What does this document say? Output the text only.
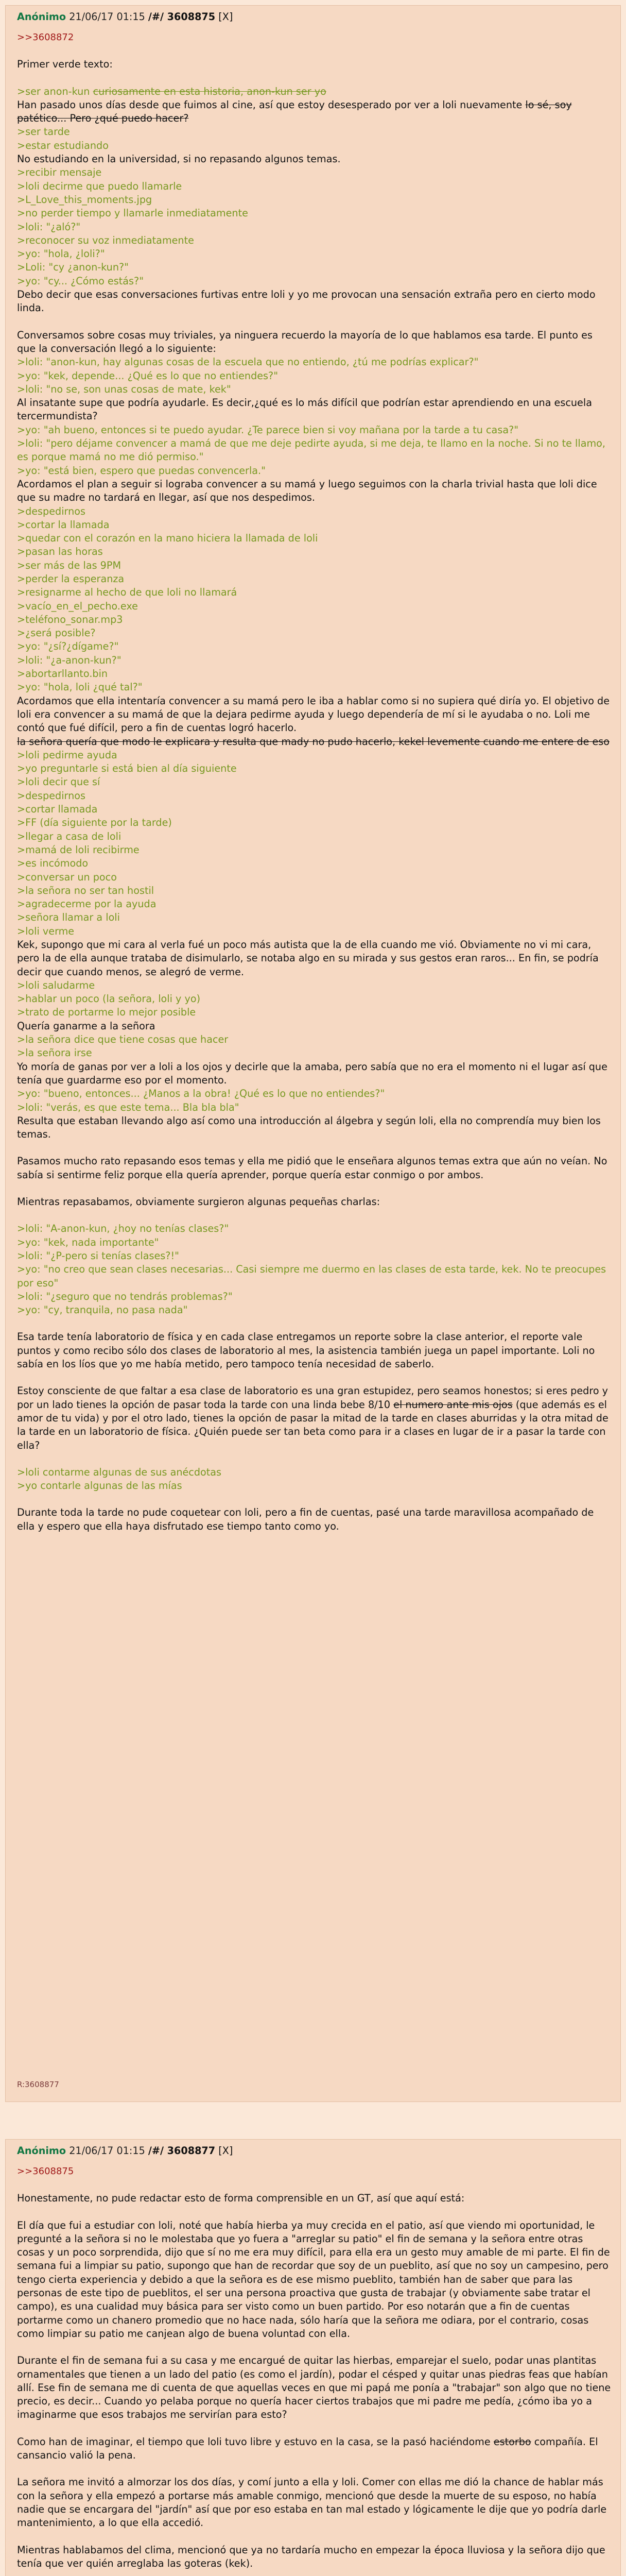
Anónimo 21/06/17 01:15 /#/ 3608875 [X]

>>3608872

Primer verde texto:

>ser anon-kun curiosamente en esta historia, anon-kun ser yo

Han pasado unos días desde que fuimos al cine, así que estoy desesperado por ver a loli nuevamente lo sé, soy patético... Pero ¿qué puedo hacer?

>ser tarde

>estar estudiando

No estudiando en la universidad, si no repasando algunos temas.

>recibir mensaje

>loli decirme que puedo llamarle

>L_Love_this_moments.jpg

>no perder tiempo y llamarle inmediatamente

>loli: "¿aló?"

>reconocer su voz inmediatamente

>yo: "hola, ¿loli?"

>Loli: "cy ¿anon-kun?"

>yo: "cy... ¿Cómo estás?"

Debo decir que esas conversaciones furtivas entre loli y yo me provocan una sensación extraña pero en cierto modo linda.

Conversamos sobre cosas muy triviales, ya ninguera recuerdo la mayoría de lo que hablamos esa tarde. El punto es que la conversación llegó a lo siguiente:

>loli: "anon-kun, hay algunas cosas de la escuela que no entiendo, ¿tú me podrías explicar?"

>yo: "kek, depende... ¿Qué es lo que no entiendes?"

>loli: "no se, son unas cosas de mate, kek"

Al insatante supe que podría ayudarle. Es decir,¿qué es lo más difícil que podrían estar aprendiendo en una escuela tercermundista?

>yo: "ah bueno, entonces si te puedo ayudar. ¿Te parece bien si voy mañana por la tarde a tu casa?"

>loli: "pero déjame convencer a mamá de que me deje pedirte ayuda, si me deja, te llamo en la noche. Si no te llamo, es porque mamá no me dió permiso."

>yo: "está bien, espero que puedas convencerla."

Acordamos el plan a seguir si lograba convencer a su mamá y luego seguimos con la charla trivial hasta que loli dice que su madre no tardará en llegar, así que nos despedimos.

>despedirnos

>cortar la llamada

>quedar con el corazón en la mano hiciera la llamada de loli

>pasan las horas

>ser más de las 9PM

>perder la esperanza

>resignarme al hecho de que loli no llamará

>vacío_en_el_pecho.exe

>teléfono_sonar.mp3

>¿será posible?

>yo: "¿sí?¿dígame?"

>loli: "¿a-anon-kun?"

>abortarllanto.bin

>yo: "hola, loli ¿qué tal?"

Acordamos que ella intentaría convencer a su mamá pero le iba a hablar como si no supiera qué diría yo. El objetivo de loli era convencer a su mamá de que la dejara pedirme ayuda y luego dependería de mí si le ayudaba o no. Loli me contó que fué difícil, pero a fin de cuentas logró hacerlo.

la señora quería que modo le explicara y resulta que mady no pudo hacerlo, kekel levemente cuando me entere de eso

>loli pedirme ayuda

>yo preguntarle si está bien al día siguiente

>loli decir que sí

>despedirnos

>cortar llamada

>FF (día siguiente por la tarde)

>llegar a casa de loli

>mamá de loli recibirme

>es incómodo

>conversar un poco

>la señora no ser tan hostil

>agradecerme por la ayuda

>señora llamar a loli

>loli verme

Kek, supongo que mi cara al verla fué un poco más autista que la de ella cuando me vió. Obviamente no vi mi cara, pero la de ella aunque trataba de disimularlo, se notaba algo en su mirada y sus gestos eran raros... En fin, se podría decir que cuando menos, se alegró de verme.

>loli saludarme

>hablar un poco (la señora, loli y yo)

>trato de portarme lo mejor posible

Quería ganarme a la señora

>la señora dice que tiene cosas que hacer

>la señora irse

Yo moría de ganas por ver a loli a los ojos y decirle que la amaba, pero sabía que no era el momento ni el lugar así que tenía que guardarme eso por el momento.

>yo: "bueno, entonces... ¿Manos a la obra! ¿Qué es lo que no entiendes?"

>loli: "verás, es que este tema... Bla bla bla"

Resulta que estaban llevando algo así como una introducción al álgebra y según loli, ella no comprendía muy bien los temas.

Pasamos mucho rato repasando esos temas y ella me pidió que le enseñara algunos temas extra que aún no veían. No sabía si sentirme feliz porque ella quería aprender, porque quería estar conmigo o por ambos.

Mientras repasabamos, obviamente surgieron algunas pequeñas charlas:

>loli: "A-anon-kun, ¿hoy no tenías clases?"

>yo: "kek, nada importante"

>loli: "¿P-pero si tenías clases?!"

>yo: "no creo que sean clases necesarias... Casi siempre me duermo en las clases de esta tarde, kek. No te preocupes por eso"

>loli: "¿seguro que no tendrás problemas?"

>yo: "cy, tranquila, no pasa nada"

Esa tarde tenía laboratorio de física y en cada clase entregamos un reporte sobre la clase anterior, el reporte vale puntos y como recibo sólo dos clases de laboratorio al mes, la asistencia también juega un papel importante. Loli no sabía en los líos que yo me había metido, pero tampoco tenía necesidad de saberlo.

Estoy consciente de que faltar a esa clase de laboratorio es una gran estupidez, pero seamos honestos; si eres pedro y por un lado tienes la opción de pasar toda la tarde con una linda bebe 8/10 el numero ante mis ojos (que además es el amor de tu vida) y por el otro lado, tienes la opción de pasar la mitad de la tarde en clases aburridas y la otra mitad de la tarde en un laboratorio de física. ¿Quién puede ser tan beta como para ir a clases en lugar de ir a pasar la tarde con ella?

>loli contarme algunas de sus anécdotas

>yo contarle algunas de las mías

Durante toda la tarde no pude coquetear con loli, pero a fin de cuentas, pasé una tarde maravillosa acompañado de ella y espero que ella haya disfrutado ese tiempo tanto como yo.

R:3608877
Anónimo 21/06/17 01:15 /#/ 3608877 [X]

>>3608875

Honestamente, no pude redactar esto de forma comprensible en un GT, así que aquí está:

El día que fui a estudiar con loli, noté que había hierba ya muy crecida en el patio, así que viendo mi oportunidad, le pregunté a la señora si no le molestaba que yo fuera a "arreglar su patio" el fin de semana y la señora entre otras cosas y un poco sorprendida, dijo que sí no me era muy difícil, para ella era un gesto muy amable de mi parte. El fin de semana fui a limpiar su patio, supongo que han de recordar que soy de un pueblito, así que no soy un campesino, pero tengo cierta experiencia y debido a que la señora es de ese mismo pueblito, también han de saber que para las personas de este tipo de pueblitos, el ser una persona proactiva que gusta de trabajar (y obviamente sabe tratar el campo), es una cualidad muy básica para ser visto como un buen partido. Por eso notarán que a fin de cuentas portarme como un chanero promedio que no hace nada, sólo haría que la señora me odiara, por el contrario, cosas como limpiar su patio me canjean algo de buena voluntad con ella.

Durante el fin de semana fui a su casa y me encargué de quitar las hierbas, emparejar el suelo, podar unas plantitas ornamentales que tienen a un lado del patio (es como el jardín), podar el césped y quitar unas piedras feas que habían allí. Ese fin de semana me di cuenta de que aquellas veces en que mi papá me ponía a "trabajar" son algo que no tiene precio, es decir... Cuando yo pelaba porque no quería hacer ciertos trabajos que mi padre me pedía, ¿cómo iba yo a imaginarme que esos trabajos me servirían para esto?

Como han de imaginar, el tiempo que loli tuvo libre y estuvo en la casa, se la pasó haciéndome estorbo compañía. El cansancio valió la pena.

La señora me invitó a almorzar los dos días, y comí junto a ella y loli. Comer con ellas me dió la chance de hablar más con la señora y ella empezó a portarse más amable conmigo, mencionó que desde la muerte de su esposo, no había nadie que se encargara del "jardín" así que por eso estaba en tan mal estado y lógicamente le dije que yo podría darle mantenimiento, a lo que ella accedió.

Mientras hablabamos del clima, mencionó que ya no tardaría mucho en empezar la época lluviosa y la señora dijo que tenía que ver quién arreglaba las goteras (kek).
